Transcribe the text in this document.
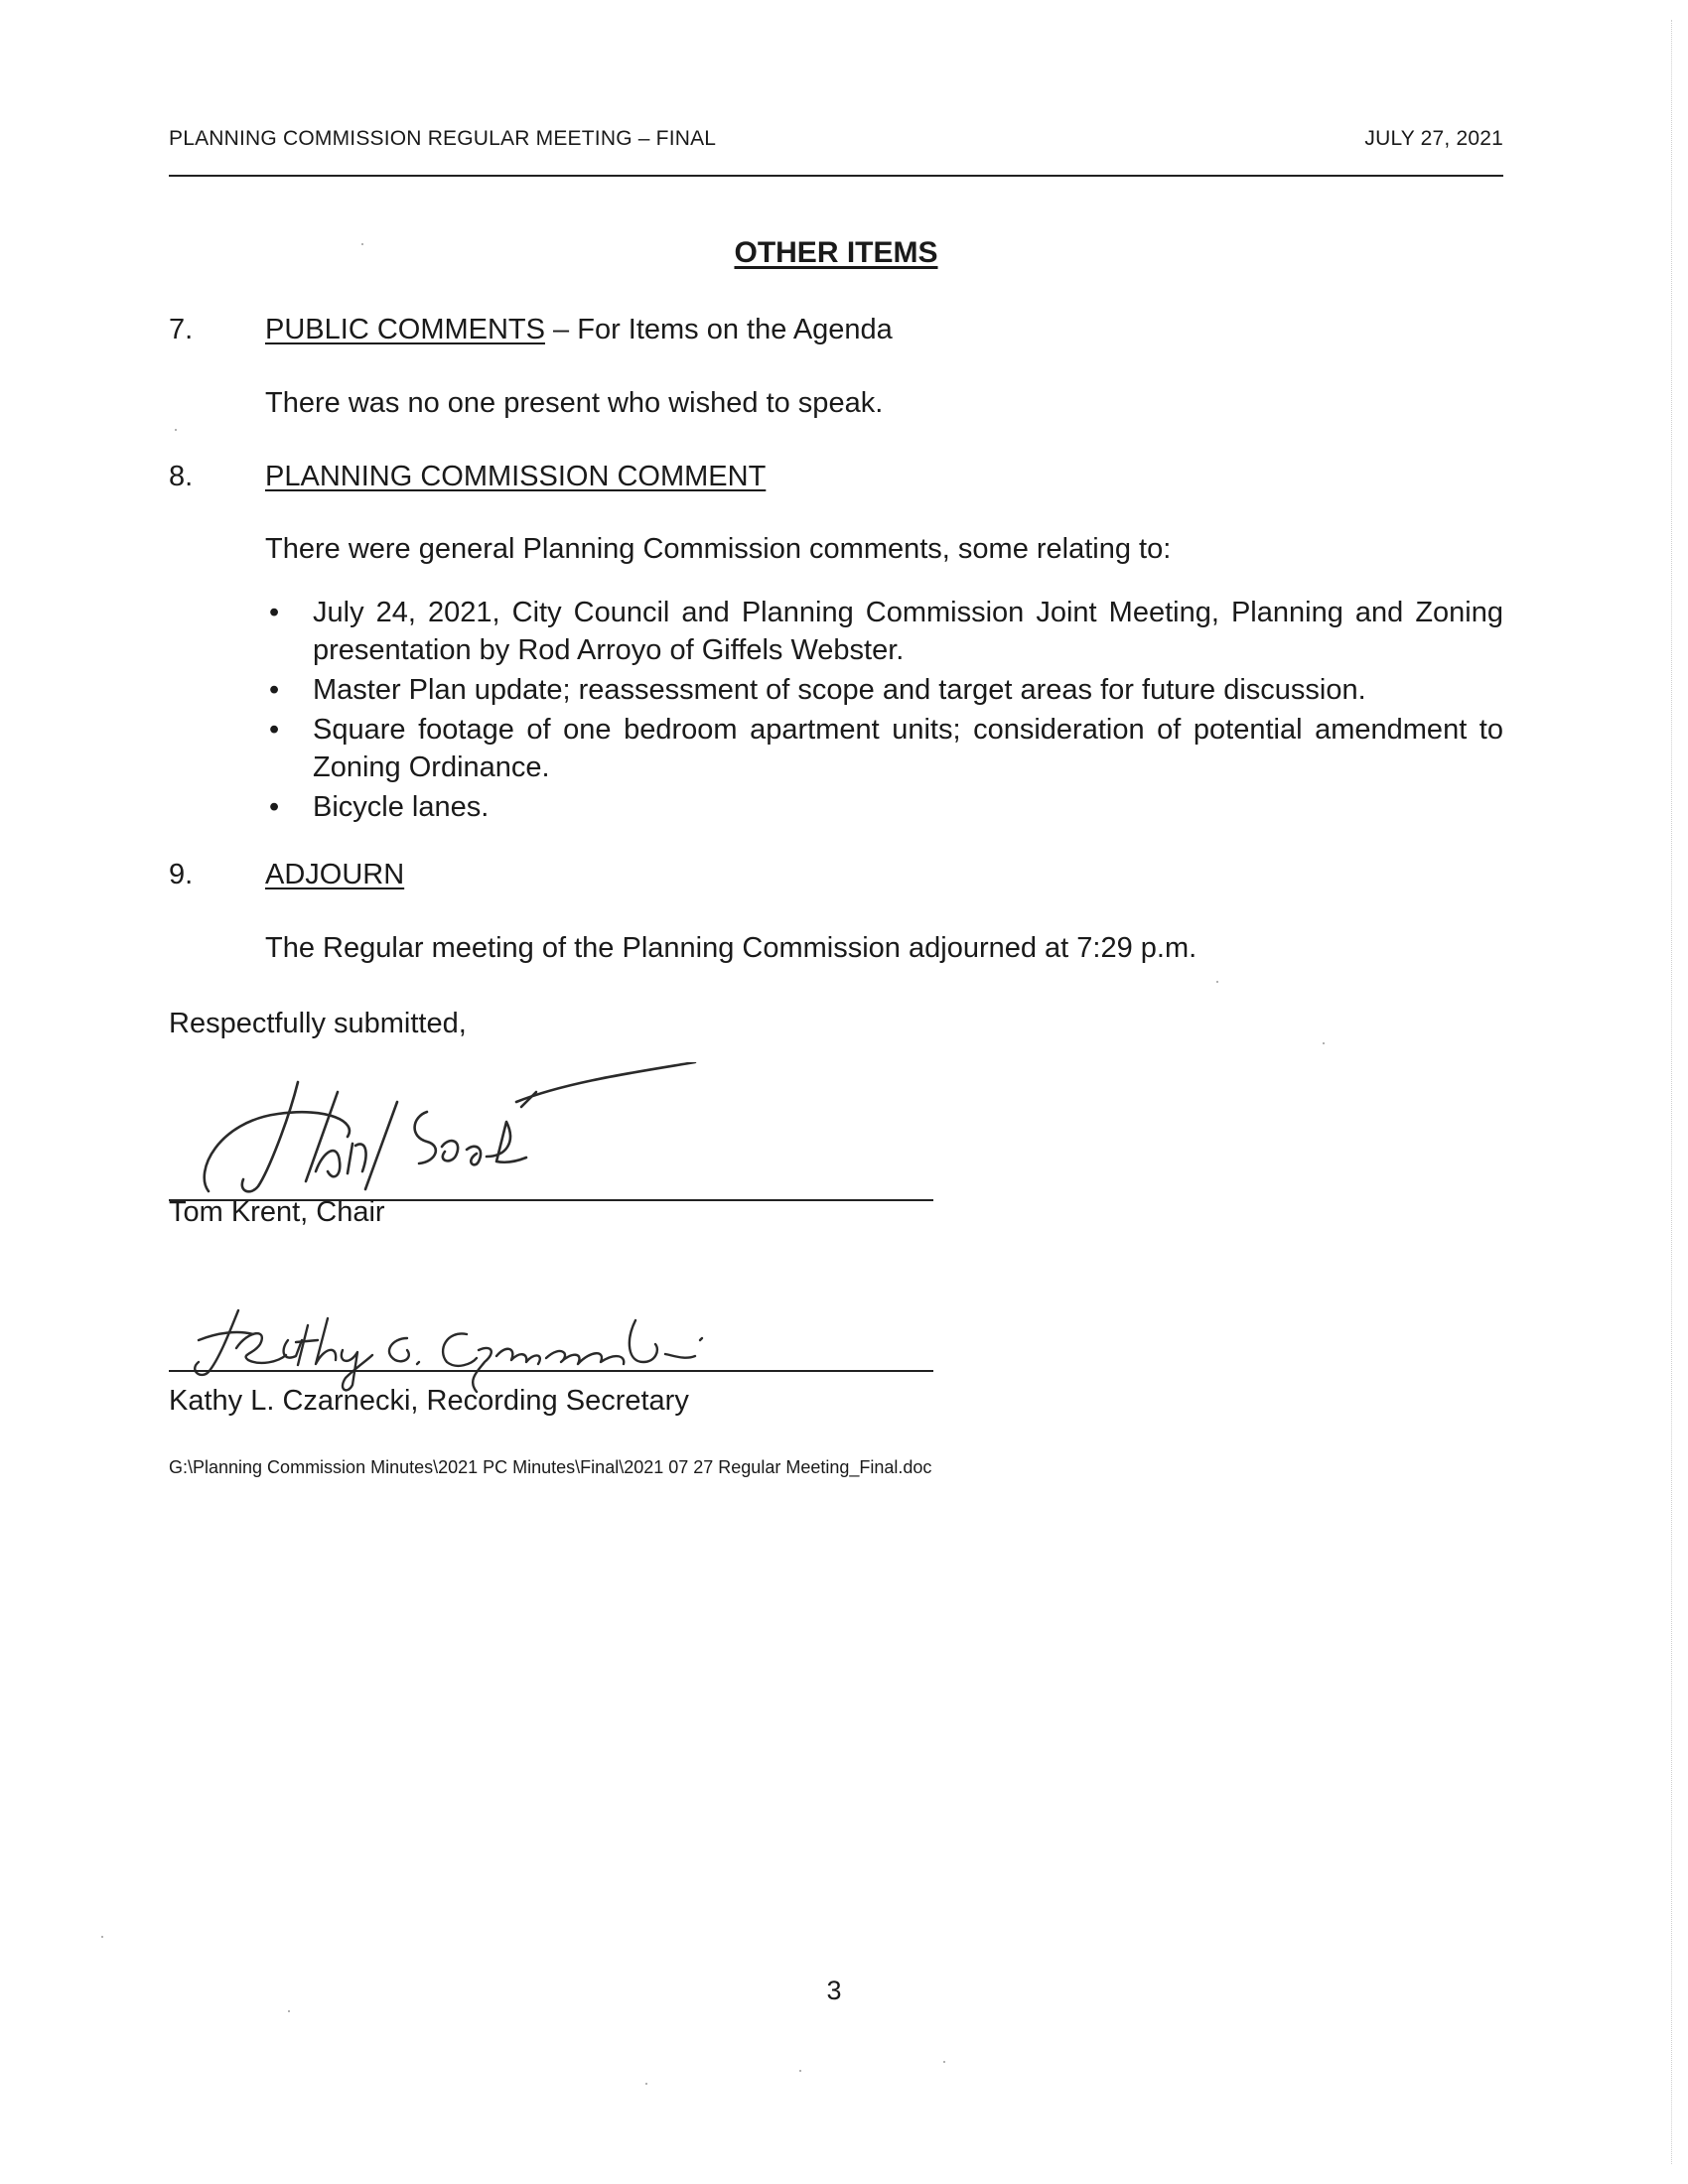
PLANNING COMMISSION REGULAR MEETING – FINAL	JULY 27, 2021
OTHER ITEMS
7.	PUBLIC COMMENTS – For Items on the Agenda
There was no one present who wished to speak.
8.	PLANNING COMMISSION COMMENT
There were general Planning Commission comments, some relating to:
• July 24, 2021, City Council and Planning Commission Joint Meeting, Planning and Zoning presentation by Rod Arroyo of Giffels Webster.
• Master Plan update; reassessment of scope and target areas for future discussion.
• Square footage of one bedroom apartment units; consideration of potential amendment to Zoning Ordinance.
• Bicycle lanes.
9.	ADJOURN
The Regular meeting of the Planning Commission adjourned at 7:29 p.m.
Respectfully submitted,
Tom Krent, Chair
Kathy L. Czarnecki, Recording Secretary
G:\Planning Commission Minutes\2021 PC Minutes\Final\2021 07 27 Regular Meeting_Final.doc
3
